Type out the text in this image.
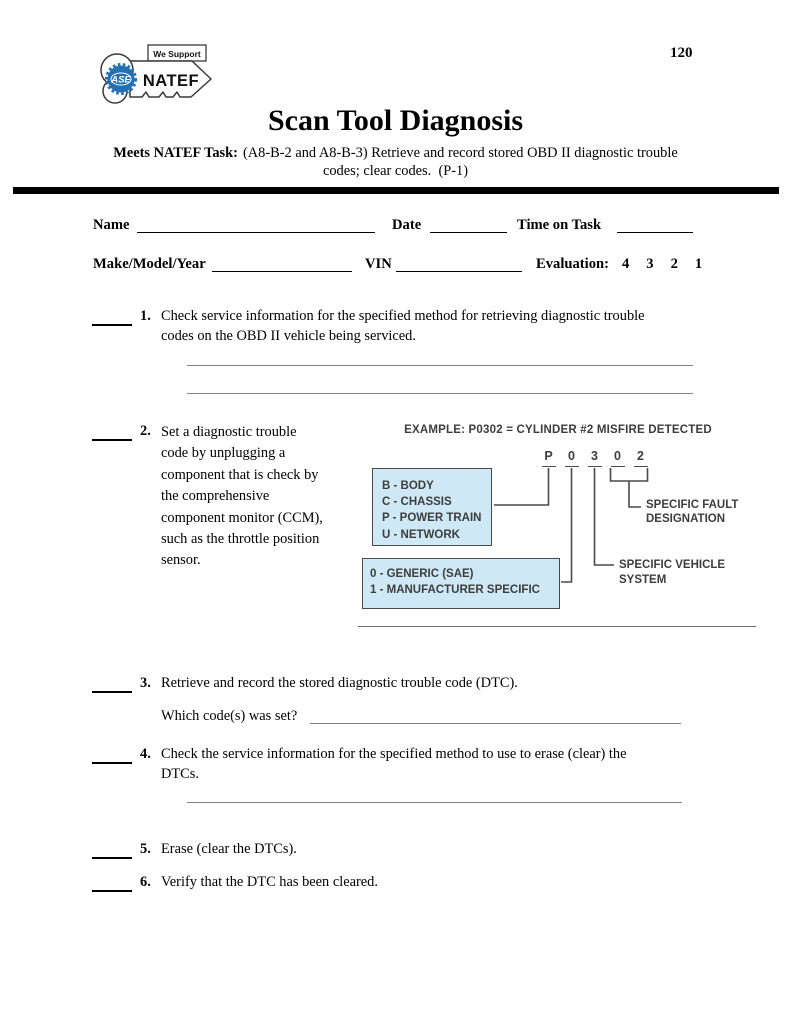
ASE
We Support
NATEF
120
Scan Tool Diagnosis
Meets NATEF Task: (A8-B-2 and A8-B-3) Retrieve and record stored OBD II diagnostic trouble
codes; clear codes.  (P-1)
Name	Date	Time on Task
Make/Model/Year	VIN	Evaluation: 4 3 2 1
1. Check service information for the specified method for retrieving diagnostic trouble
codes on the OBD II vehicle being serviced.
2. Set a diagnostic trouble
code by unplugging a
component that is check by
the comprehensive
component monitor (CCM),
such as the throttle position
sensor.
EXAMPLE: P0302 = CYLINDER #2 MISFIRE DETECTED
P	0	3	0	2
B - BODY
C - CHASSIS
P - POWER TRAIN
U - NETWORK
0 - GENERIC (SAE)
1 - MANUFACTURER SPECIFIC
SPECIFIC FAULT
DESIGNATION
SPECIFIC VEHICLE
SYSTEM
3. Retrieve and record the stored diagnostic trouble code (DTC).
Which code(s) was set?
4. Check the service information for the specified method to use to erase (clear) the
DTCs.
5. Erase (clear the DTCs).
6. Verify that the DTC has been cleared.
